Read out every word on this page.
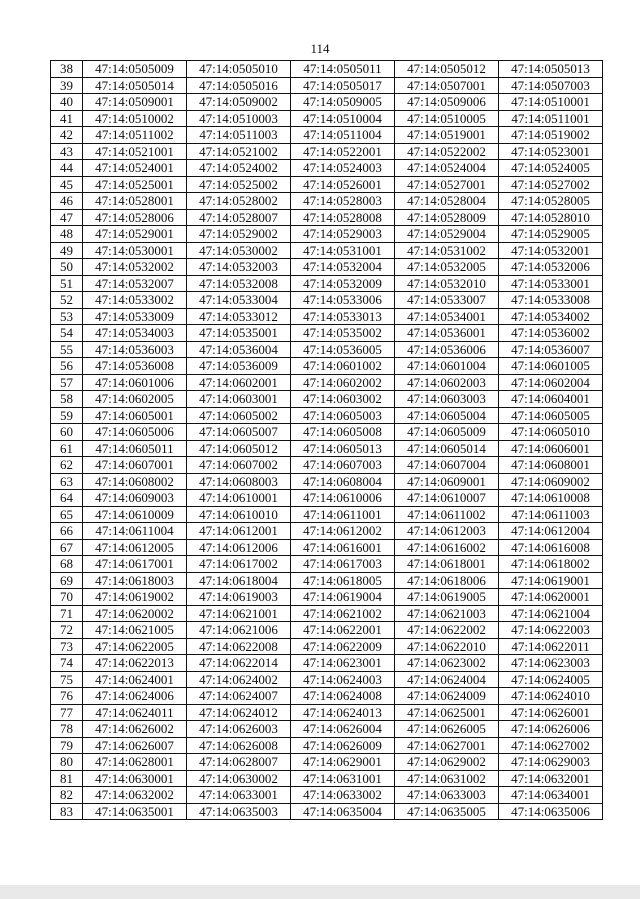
114
38	47:14:0505009	47:14:0505010	47:14:0505011	47:14:0505012	47:14:0505013
39	47:14:0505014	47:14:0505016	47:14:0505017	47:14:0507001	47:14:0507003
40	47:14:0509001	47:14:0509002	47:14:0509005	47:14:0509006	47:14:0510001
41	47:14:0510002	47:14:0510003	47:14:0510004	47:14:0510005	47:14:0511001
42	47:14:0511002	47:14:0511003	47:14:0511004	47:14:0519001	47:14:0519002
43	47:14:0521001	47:14:0521002	47:14:0522001	47:14:0522002	47:14:0523001
44	47:14:0524001	47:14:0524002	47:14:0524003	47:14:0524004	47:14:0524005
45	47:14:0525001	47:14:0525002	47:14:0526001	47:14:0527001	47:14:0527002
46	47:14:0528001	47:14:0528002	47:14:0528003	47:14:0528004	47:14:0528005
47	47:14:0528006	47:14:0528007	47:14:0528008	47:14:0528009	47:14:0528010
48	47:14:0529001	47:14:0529002	47:14:0529003	47:14:0529004	47:14:0529005
49	47:14:0530001	47:14:0530002	47:14:0531001	47:14:0531002	47:14:0532001
50	47:14:0532002	47:14:0532003	47:14:0532004	47:14:0532005	47:14:0532006
51	47:14:0532007	47:14:0532008	47:14:0532009	47:14:0532010	47:14:0533001
52	47:14:0533002	47:14:0533004	47:14:0533006	47:14:0533007	47:14:0533008
53	47:14:0533009	47:14:0533012	47:14:0533013	47:14:0534001	47:14:0534002
54	47:14:0534003	47:14:0535001	47:14:0535002	47:14:0536001	47:14:0536002
55	47:14:0536003	47:14:0536004	47:14:0536005	47:14:0536006	47:14:0536007
56	47:14:0536008	47:14:0536009	47:14:0601002	47:14:0601004	47:14:0601005
57	47:14:0601006	47:14:0602001	47:14:0602002	47:14:0602003	47:14:0602004
58	47:14:0602005	47:14:0603001	47:14:0603002	47:14:0603003	47:14:0604001
59	47:14:0605001	47:14:0605002	47:14:0605003	47:14:0605004	47:14:0605005
60	47:14:0605006	47:14:0605007	47:14:0605008	47:14:0605009	47:14:0605010
61	47:14:0605011	47:14:0605012	47:14:0605013	47:14:0605014	47:14:0606001
62	47:14:0607001	47:14:0607002	47:14:0607003	47:14:0607004	47:14:0608001
63	47:14:0608002	47:14:0608003	47:14:0608004	47:14:0609001	47:14:0609002
64	47:14:0609003	47:14:0610001	47:14:0610006	47:14:0610007	47:14:0610008
65	47:14:0610009	47:14:0610010	47:14:0611001	47:14:0611002	47:14:0611003
66	47:14:0611004	47:14:0612001	47:14:0612002	47:14:0612003	47:14:0612004
67	47:14:0612005	47:14:0612006	47:14:0616001	47:14:0616002	47:14:0616008
68	47:14:0617001	47:14:0617002	47:14:0617003	47:14:0618001	47:14:0618002
69	47:14:0618003	47:14:0618004	47:14:0618005	47:14:0618006	47:14:0619001
70	47:14:0619002	47:14:0619003	47:14:0619004	47:14:0619005	47:14:0620001
71	47:14:0620002	47:14:0621001	47:14:0621002	47:14:0621003	47:14:0621004
72	47:14:0621005	47:14:0621006	47:14:0622001	47:14:0622002	47:14:0622003
73	47:14:0622005	47:14:0622008	47:14:0622009	47:14:0622010	47:14:0622011
74	47:14:0622013	47:14:0622014	47:14:0623001	47:14:0623002	47:14:0623003
75	47:14:0624001	47:14:0624002	47:14:0624003	47:14:0624004	47:14:0624005
76	47:14:0624006	47:14:0624007	47:14:0624008	47:14:0624009	47:14:0624010
77	47:14:0624011	47:14:0624012	47:14:0624013	47:14:0625001	47:14:0626001
78	47:14:0626002	47:14:0626003	47:14:0626004	47:14:0626005	47:14:0626006
79	47:14:0626007	47:14:0626008	47:14:0626009	47:14:0627001	47:14:0627002
80	47:14:0628001	47:14:0628007	47:14:0629001	47:14:0629002	47:14:0629003
81	47:14:0630001	47:14:0630002	47:14:0631001	47:14:0631002	47:14:0632001
82	47:14:0632002	47:14:0633001	47:14:0633002	47:14:0633003	47:14:0634001
83	47:14:0635001	47:14:0635003	47:14:0635004	47:14:0635005	47:14:0635006
